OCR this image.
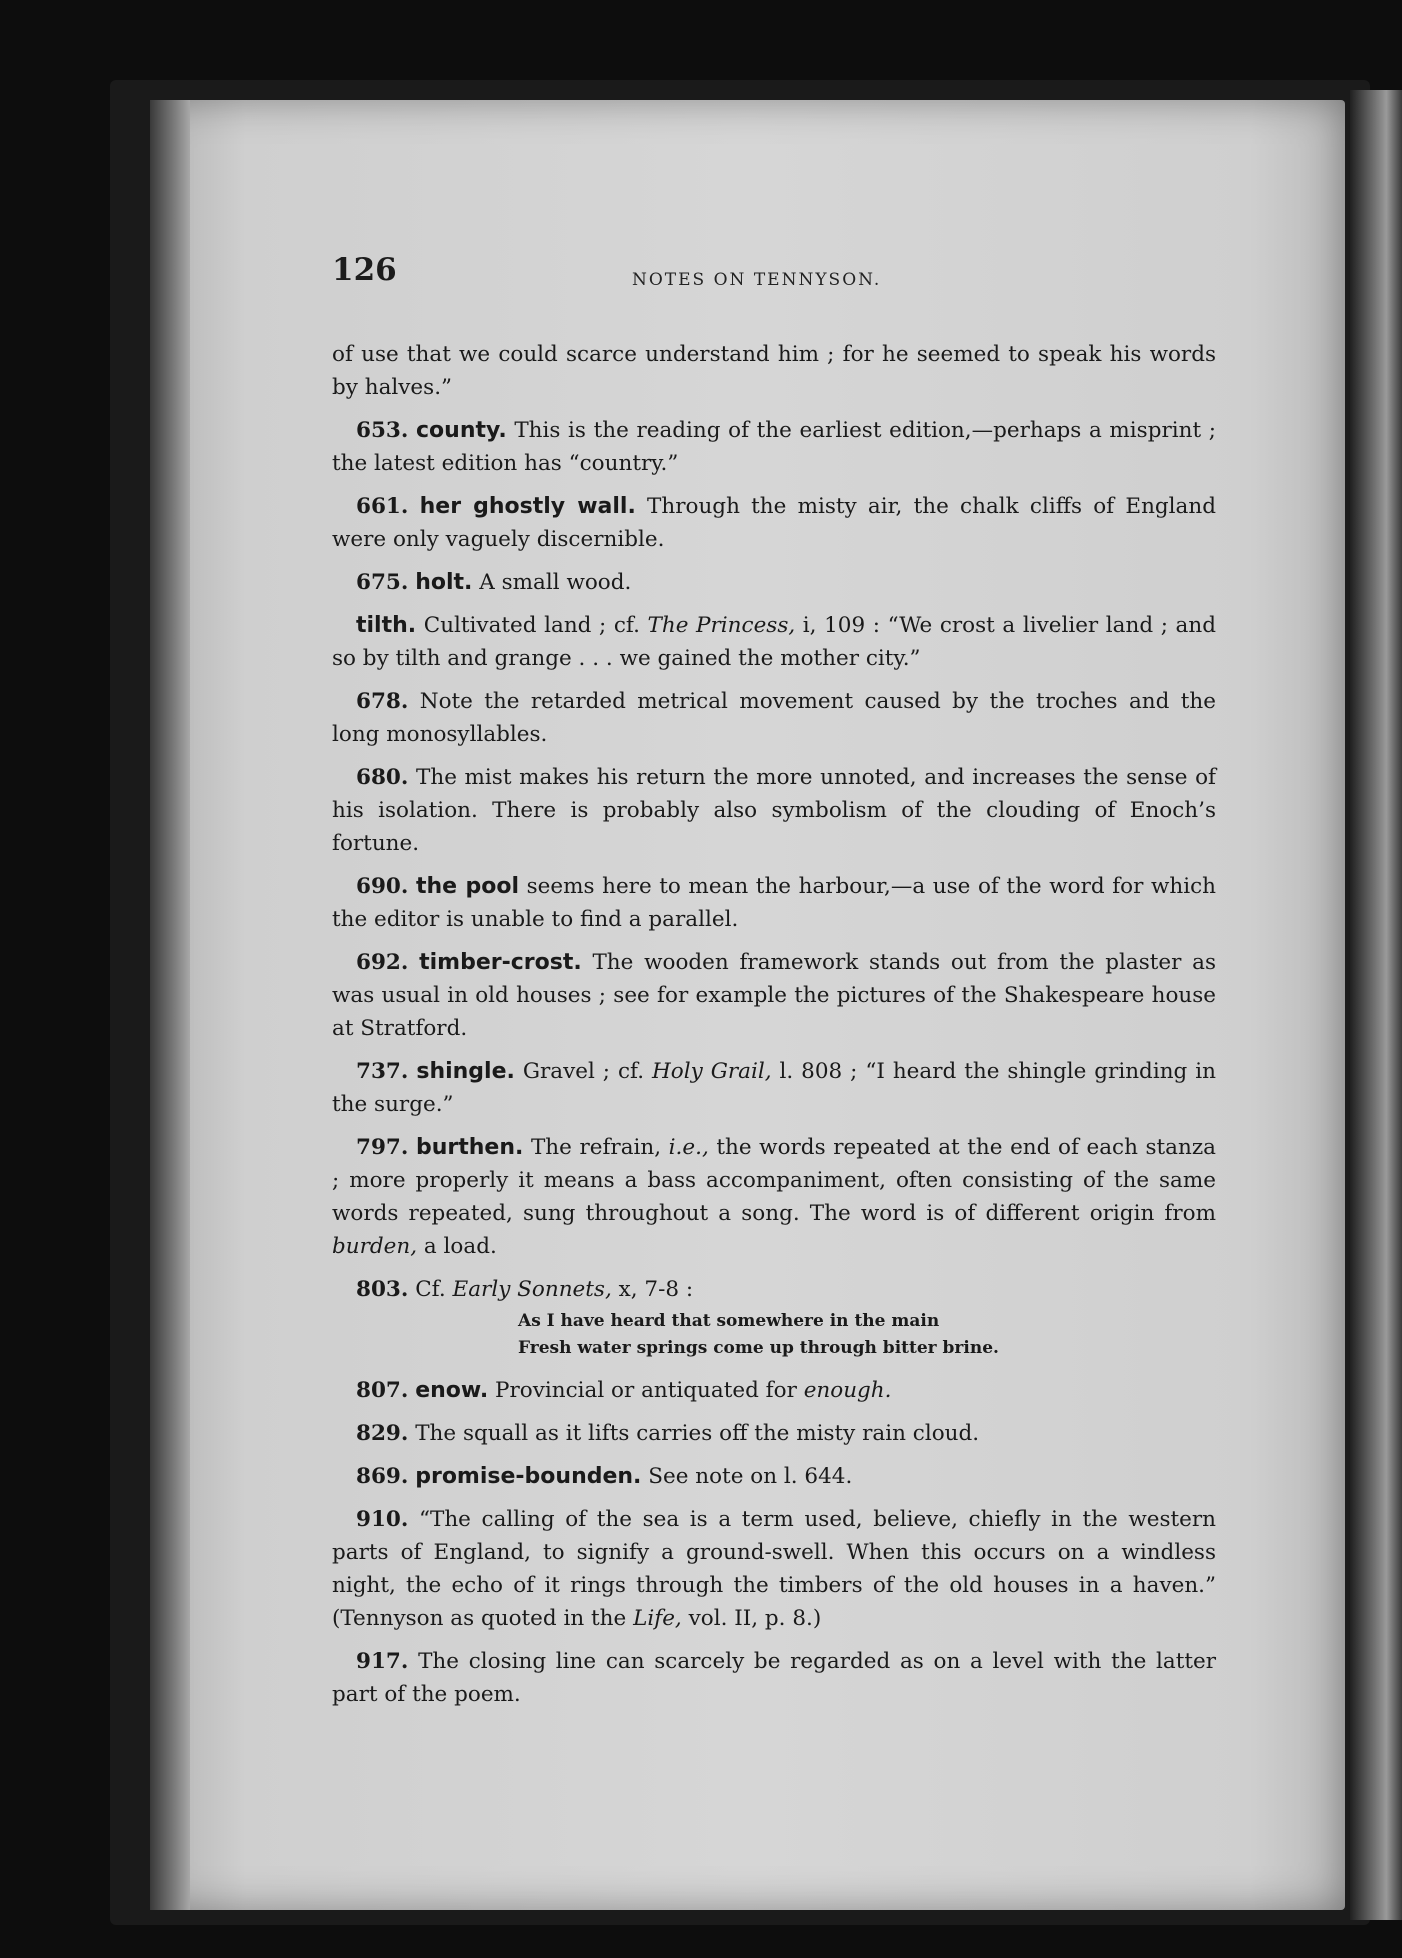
126	NOTES ON TENNYSON.

of use that we could scarce understand him ; for he seemed to speak his words by halves.”

653. county. This is the reading of the earliest edition,—perhaps a misprint ; the latest edition has “country.”

661. her ghostly wall. Through the misty air, the chalk cliffs of England were only vaguely discernible.

675. holt. A small wood.

tilth. Cultivated land ; cf. The Princess, i, 109 : “We crost a livelier land ; and so by tilth and grange . . . we gained the mother city.”

678. Note the retarded metrical movement caused by the troches and the long monosyllables.

680. The mist makes his return the more unnoted, and increases the sense of his isolation. There is probably also symbolism of the clouding of Enoch’s fortune.

690. the pool seems here to mean the harbour,—a use of the word for which the editor is unable to find a parallel.

692. timber-crost. The wooden framework stands out from the plaster as was usual in old houses ; see for example the pictures of the Shakespeare house at Stratford.

737. shingle. Gravel ; cf. Holy Grail, l. 808 ; “I heard the shingle grinding in the surge.”

797. burthen. The refrain, i.e., the words repeated at the end of each stanza ; more properly it means a bass accompaniment, often consisting of the same words repeated, sung throughout a song. The word is of different origin from burden, a load.

803. Cf. Early Sonnets, x, 7-8 :

As I have heard that somewhere in the main
Fresh water springs come up through bitter brine.

807. enow. Provincial or antiquated for enough.

829. The squall as it lifts carries off the misty rain cloud.

869. promise-bounden. See note on l. 644.

910. “The calling of the sea is a term used, believe, chiefly in the western parts of England, to signify a ground-swell. When this occurs on a windless night, the echo of it rings through the timbers of the old houses in a haven.” (Tennyson as quoted in the Life, vol. II, p. 8.)

917. The closing line can scarcely be regarded as on a level with the latter part of the poem.
